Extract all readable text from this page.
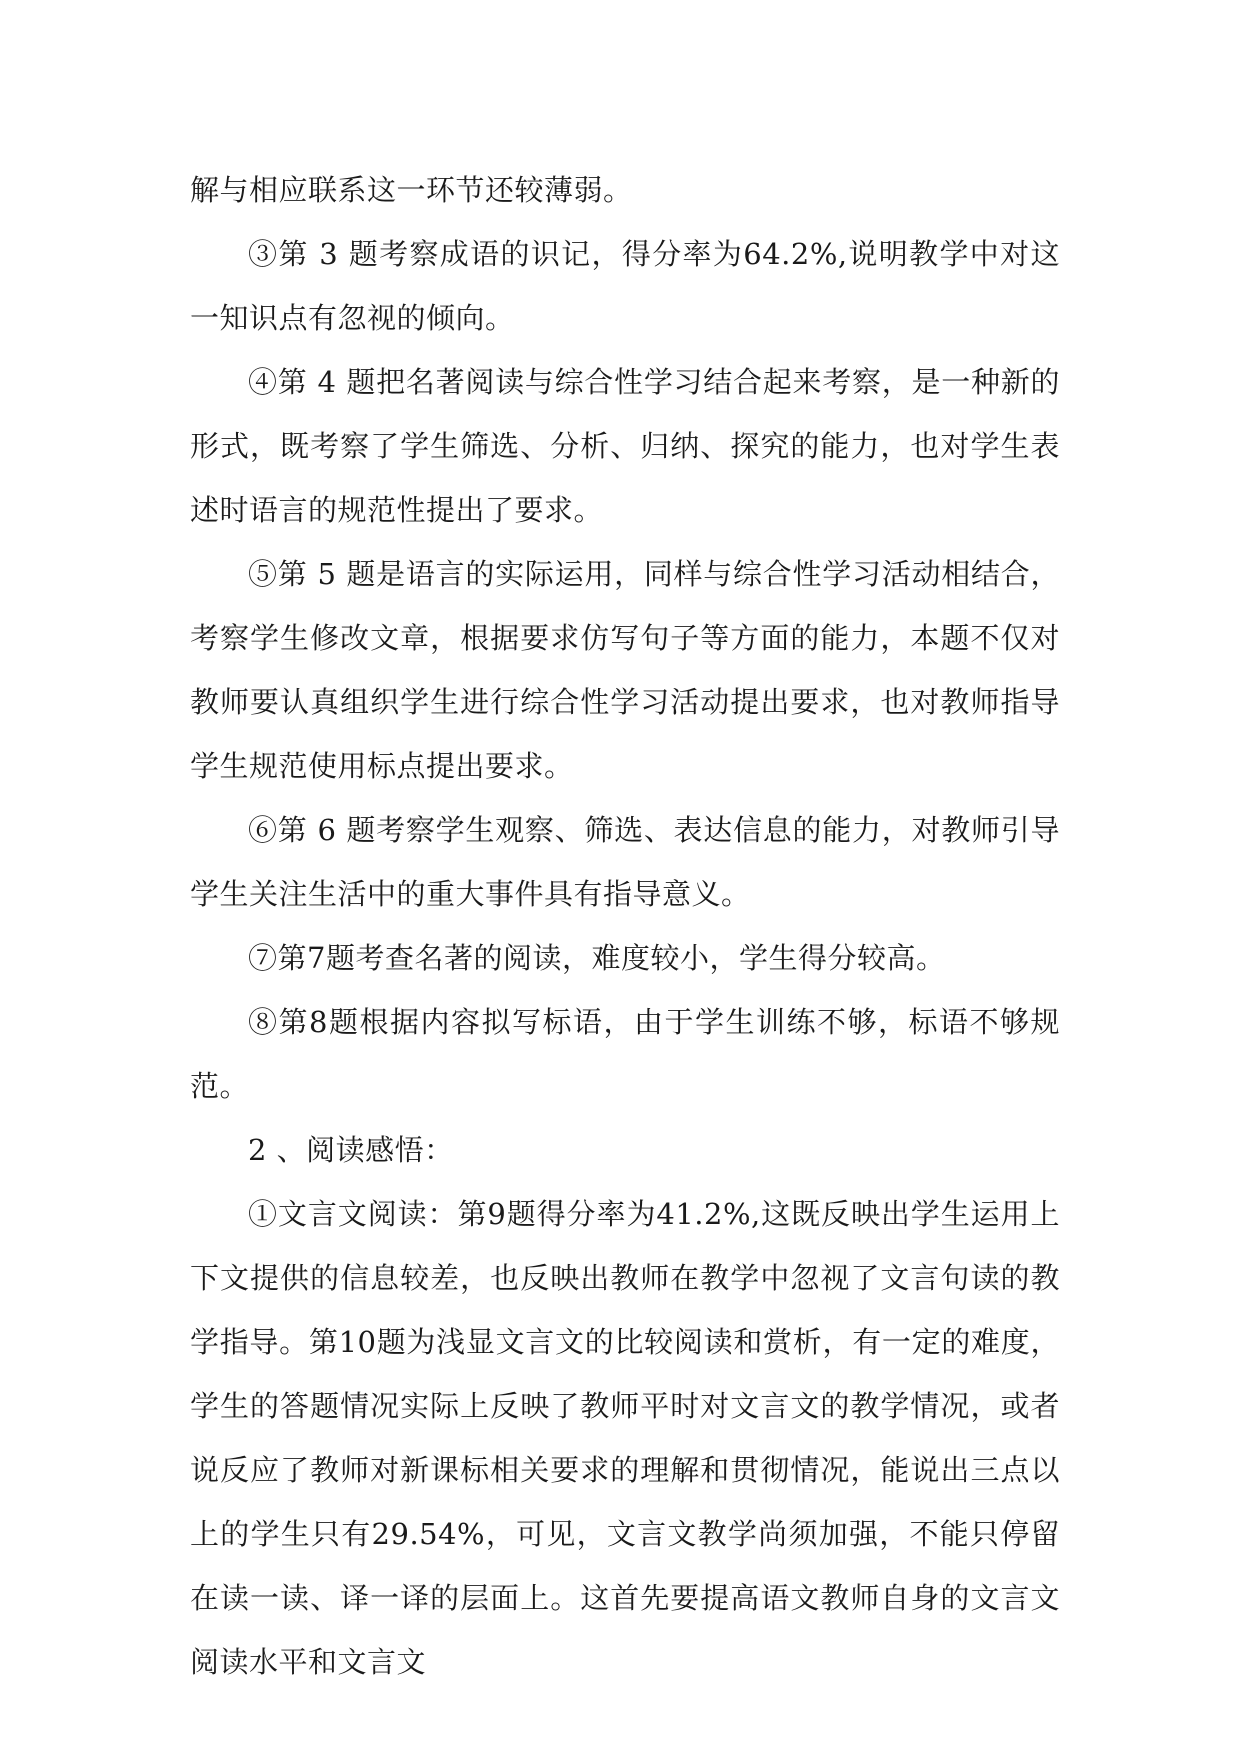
解与相应联系这一环节还较薄弱。

③第 3 题考察成语的识记，得分率为64.2%,说明教学中对这一知识点有忽视的倾向。

④第 4 题把名著阅读与综合性学习结合起来考察，是一种新的形式，既考察了学生筛选、分析、归纳、探究的能力，也对学生表述时语言的规范性提出了要求。

⑤第 5 题是语言的实际运用，同样与综合性学习活动相结合，考察学生修改文章，根据要求仿写句子等方面的能力，本题不仅对教师要认真组织学生进行综合性学习活动提出要求，也对教师指导学生规范使用标点提出要求。

⑥第 6 题考察学生观察、筛选、表达信息的能力，对教师引导学生关注生活中的重大事件具有指导意义。

⑦第7题考查名著的阅读，难度较小，学生得分较高。

⑧第8题根据内容拟写标语，由于学生训练不够，标语不够规范。

2 、阅读感悟：

①文言文阅读：第9题得分率为41.2%,这既反映出学生运用上下文提供的信息较差，也反映出教师在教学中忽视了文言句读的教学指导。第10题为浅显文言文的比较阅读和赏析，有一定的难度，学生的答题情况实际上反映了教师平时对文言文的教学情况，或者说反应了教师对新课标相关要求的理解和贯彻情况，能说出三点以上的学生只有29.54%，可见，文言文教学尚须加强，不能只停留在读一读、译一译的层面上。这首先要提高语文教师自身的文言文阅读水平和文言文
